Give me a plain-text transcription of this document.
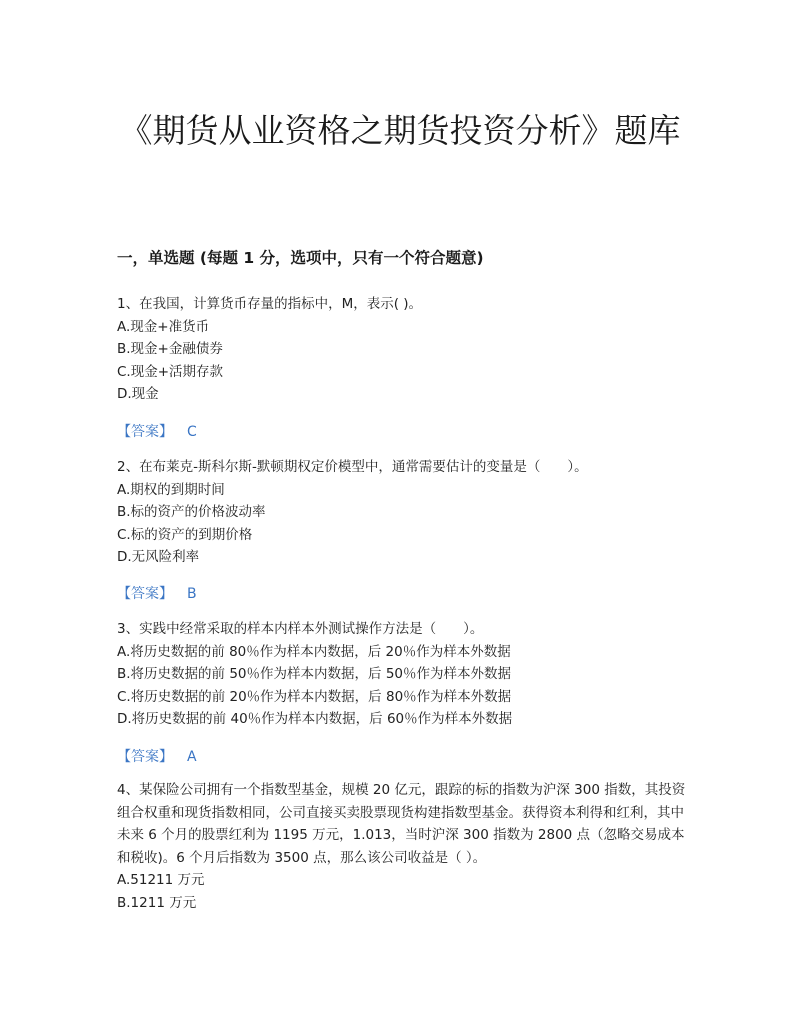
《期货从业资格之期货投资分析》题库
一，单选题 (每题 1 分，选项中，只有一个符合题意)
1、在我国，计算货币存量的指标中，M，表示( )。
A.现金+准货币
B.现金+金融债券
C.现金+活期存款
D.现金
【答案】 C
2、在布莱克-斯科尔斯-默顿期权定价模型中，通常需要估计的变量是（　　）。
A.期权的到期时间
B.标的资产的价格波动率
C.标的资产的到期价格
D.无风险利率
【答案】 B
3、实践中经常采取的样本内样本外测试操作方法是（　　）。
A.将历史数据的前 80％作为样本内数据，后 20％作为样本外数据
B.将历史数据的前 50％作为样本内数据，后 50％作为样本外数据
C.将历史数据的前 20％作为样本内数据，后 80％作为样本外数据
D.将历史数据的前 40％作为样本内数据，后 60％作为样本外数据
【答案】 A
4、某保险公司拥有一个指数型基金，规模 20 亿元，跟踪的标的指数为沪深 300 指数，其投资组合权重和现货指数相同，公司直接买卖股票现货构建指数型基金。获得资本利得和红利，其中未来 6 个月的股票红利为 1195 万元，1.013，当时沪深 300 指数为 2800 点（忽略交易成本和税收)。6 个月后指数为 3500 点，那么该公司收益是（ ）。
A.51211 万元
B.1211 万元
